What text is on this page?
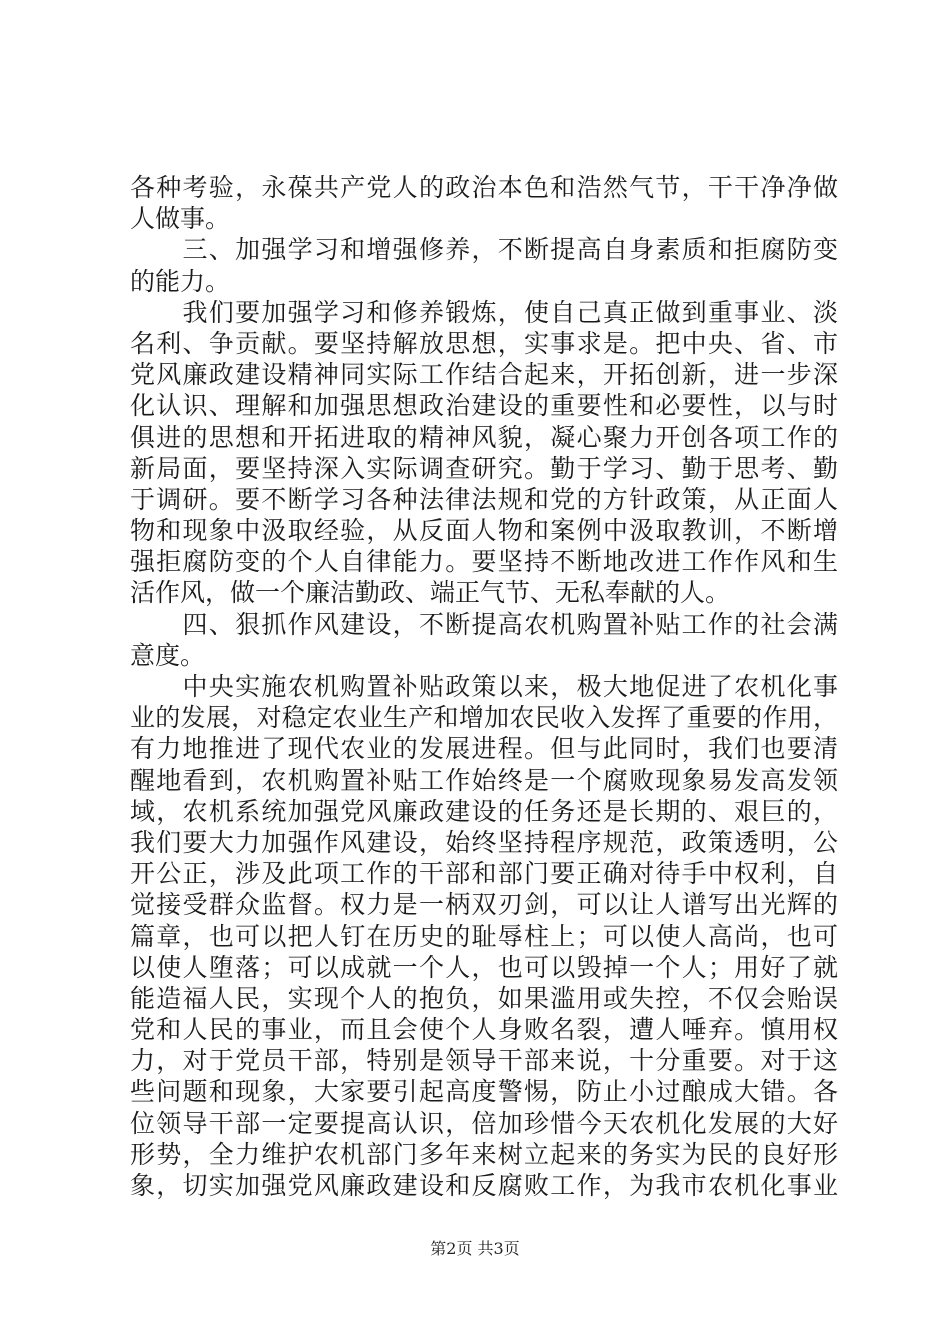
各种考验，永葆共产党人的政治本色和浩然气节，干干净净做
人做事。
　　三、加强学习和增强修养，不断提高自身素质和拒腐防变
的能力。
　　我们要加强学习和修养锻炼，使自己真正做到重事业、淡
名利、争贡献。要坚持解放思想，实事求是。把中央、省、市
党风廉政建设精神同实际工作结合起来，开拓创新，进一步深
化认识、理解和加强思想政治建设的重要性和必要性，以与时
俱进的思想和开拓进取的精神风貌，凝心聚力开创各项工作的
新局面，要坚持深入实际调查研究。勤于学习、勤于思考、勤
于调研。要不断学习各种法律法规和党的方针政策，从正面人
物和现象中汲取经验，从反面人物和案例中汲取教训，不断增
强拒腐防变的个人自律能力。要坚持不断地改进工作作风和生
活作风，做一个廉洁勤政、端正气节、无私奉献的人。
　　四、狠抓作风建设，不断提高农机购置补贴工作的社会满
意度。
　　中央实施农机购置补贴政策以来，极大地促进了农机化事
业的发展，对稳定农业生产和增加农民收入发挥了重要的作用，
有力地推进了现代农业的发展进程。但与此同时，我们也要清
醒地看到，农机购置补贴工作始终是一个腐败现象易发高发领
域，农机系统加强党风廉政建设的任务还是长期的、艰巨的，
我们要大力加强作风建设，始终坚持程序规范，政策透明，公
开公正，涉及此项工作的干部和部门要正确对待手中权利，自
觉接受群众监督。权力是一柄双刃剑，可以让人谱写出光辉的
篇章，也可以把人钉在历史的耻辱柱上；可以使人高尚，也可
以使人堕落；可以成就一个人，也可以毁掉一个人；用好了就
能造福人民，实现个人的抱负，如果滥用或失控，不仅会贻误
党和人民的事业，而且会使个人身败名裂，遭人唾弃。慎用权
力，对于党员干部，特别是领导干部来说，十分重要。对于这
些问题和现象，大家要引起高度警惕，防止小过酿成大错。各
位领导干部一定要提高认识，倍加珍惜今天农机化发展的大好
形势，全力维护农机部门多年来树立起来的务实为民的良好形
象，切实加强党风廉政建设和反腐败工作，为我市农机化事业
第2页 共3页
